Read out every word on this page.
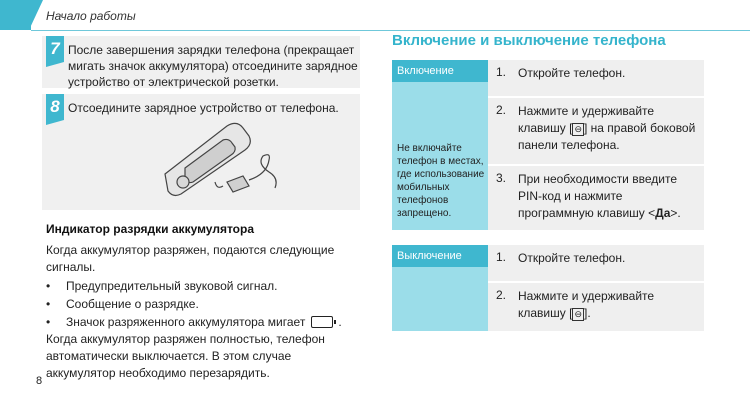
Начало работы
7 После завершения зарядки телефона (прекращает мигать значок аккумулятора) отсоедините зарядное устройство от электрической розетки.
8 Отсоедините зарядное устройство от телефона.
Индикатор разрядки аккумулятора
Когда аккумулятор разряжен, подаются следующие сигналы.
• Предупредительный звуковой сигнал.
• Сообщение о разрядке.
• Значок разряженного аккумулятора мигает	.
Когда аккумулятор разряжен полностью, телефон автоматически выключается. В этом случае аккумулятор необходимо перезарядить.
8
Включение и выключение телефона
Включение
Не включайте телефон в местах, где использование мобильных телефонов запрещено.
1. Откройте телефон.
2. Нажмите и удерживайте клавишу [ ⊖ ] на правой боковой панели телефона.
3. При необходимости введите PIN-код и нажмите программную клавишу <Да>.
Выключение	1. Откройте телефон.
2. Нажмите и удерживайте клавишу [ ⊖ ].
